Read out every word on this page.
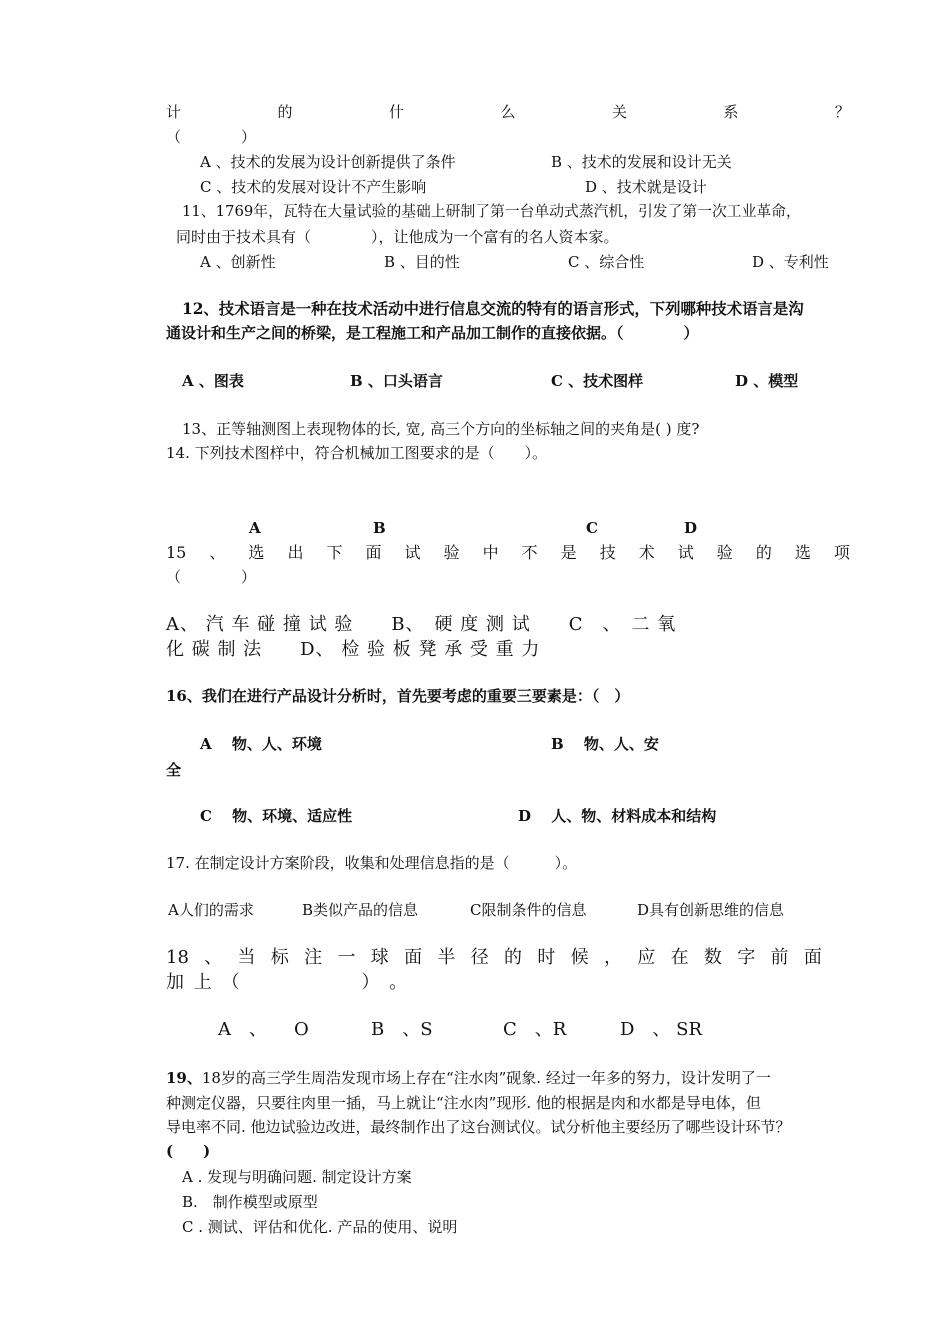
计	的	什	么	关	系	？
（　　　　）
A 、技术的发展为设计创新提供了条件	B 、技术的发展和设计无关
C 、技术的发展对设计不产生影响	D 、技术就是设计
11、1769年，瓦特在大量试验的基础上研制了第一台单动式蒸汽机，引发了第一次工业革命，
同时由于技术具有（　　　　），让他成为一个富有的名人资本家。
A 、创新性	B 、目的性	C 、综合性	D 、专利性
12、技术语言是一种在技术活动中进行信息交流的特有的语言形式，下列哪种技术语言是沟
通设计和生产之间的桥梁，是工程施工和产品加工制作的直接依据。（　　　　）
A 、图表	B 、口头语言	C 、技术图样	D 、模型
13、正等轴测图上表现物体的长, 宽, 高三个方向的坐标轴之间的夹角是( ) 度?
14. 下列技术图样中，符合机械加工图要求的是（　　）。
A	B	C	D
15 、 选 出 下 面 试 验 中 不 是 技 术 试 验 的 选 项
（　　　　）
A、 汽 车 碰 撞 试 验　　B、　硬 度 测 试　　C　、　二 氧
化 碳 制 法　　D、 检 验 板 凳 承 受 重 力
16、我们在进行产品设计分析时，首先要考虑的重要三要素是：（　）
A　 物、人、环境	B　 物、人、安
全
C　 物、环境、适应性	D　 人、物、材料成本和结构
17. 在制定设计方案阶段，收集和处理信息指的是（　　　）。
A人们的需求	B类似产品的信息	C限制条件的信息	D具有创新思维的信息
18 、 当 标 注 一 球 面 半 径 的 时 候 ， 应 在 数 字 前 面
加 上 （　　　　　　） 。
A　、　　O	B　、S	C　、R	D　、 SR
19、18岁的高三学生周浩发现市场上存在“注水肉”砚象. 经过一年多的努力，设计发明了一
种测定仪器，只要往肉里一插，马上就让“注水肉”现形. 他的根据是肉和水都是导电体，但
导电率不同. 他边试验边改进，最终制作出了这台测试仪。试分析他主要经历了哪些设计环节？
(　　)
A . 发现与明确问题. 制定设计方案
B.　制作模型或原型
C . 测试、评估和优化. 产品的使用、说明
